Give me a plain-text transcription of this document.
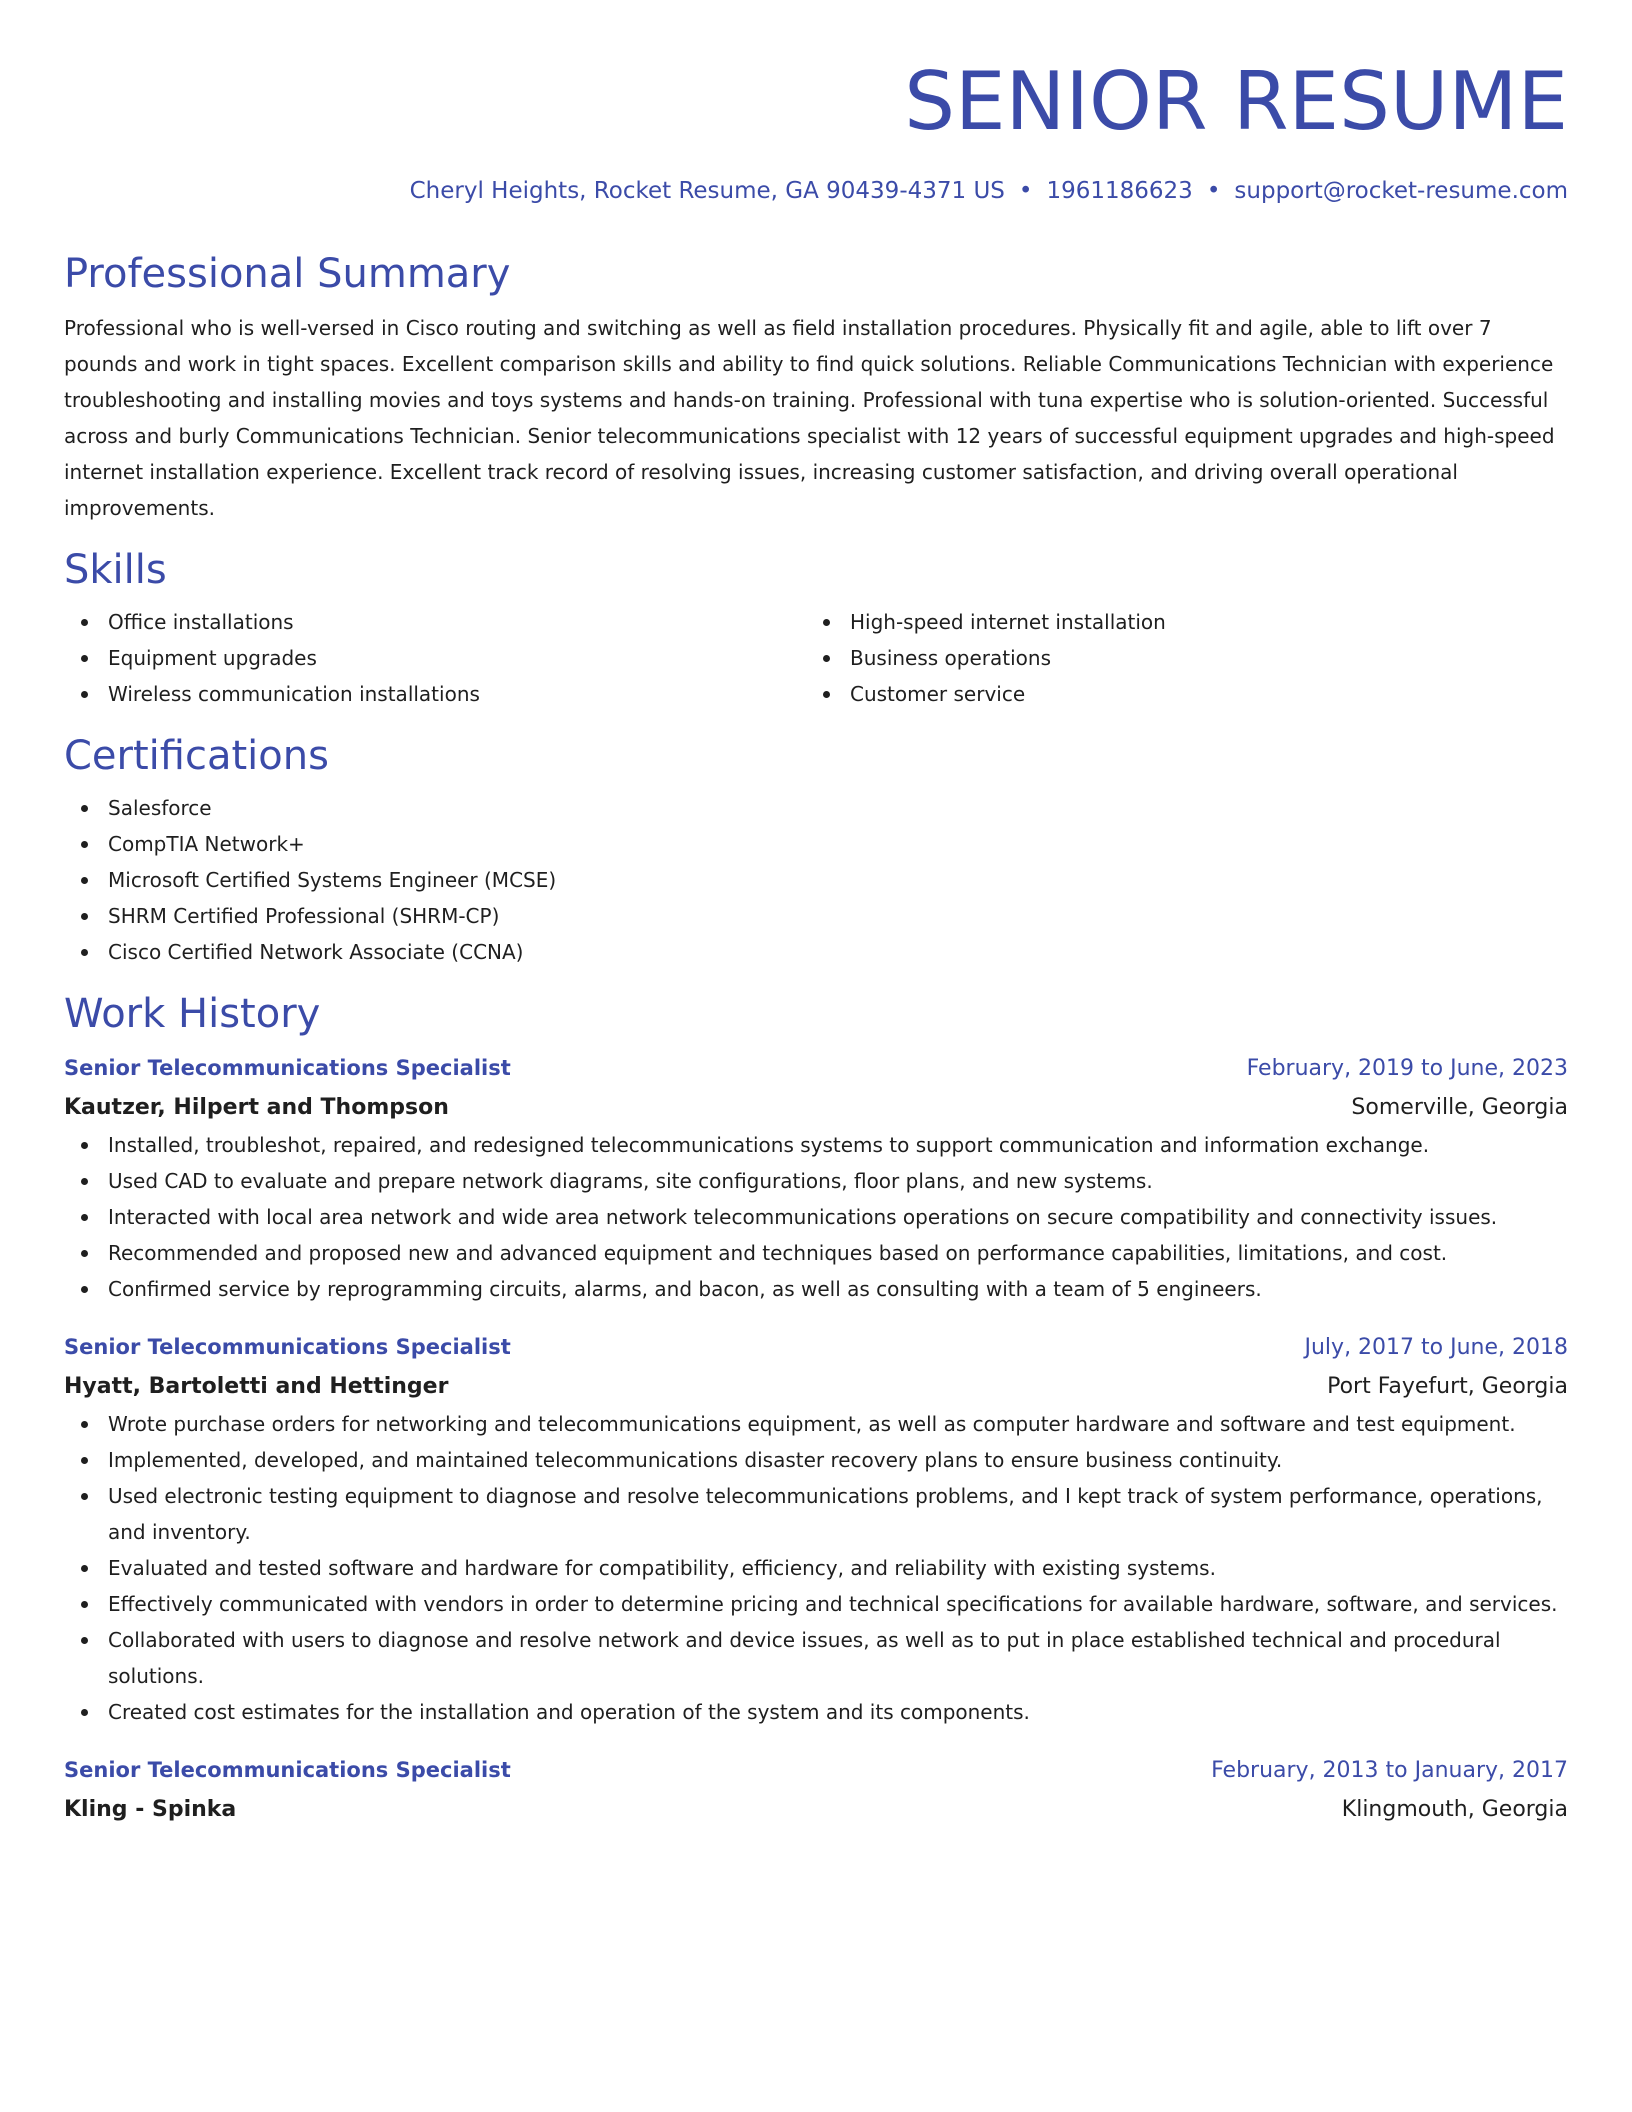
SENIOR RESUME
Cheryl Heights, Rocket Resume, GA 90439-4371 US • 1961186623 • support@rocket-resume.com
Professional Summary

Professional who is well-versed in Cisco routing and switching as well as field installation procedures. Physically fit and agile, able to lift over 7 pounds and work in tight spaces. Excellent comparison skills and ability to find quick solutions. Reliable Communications Technician with experience troubleshooting and installing movies and toys systems and hands-on training. Professional with tuna expertise who is solution-oriented. Successful across and burly Communications Technician. Senior telecommunications specialist with 12 years of successful equipment upgrades and high-speed internet installation experience. Excellent track record of resolving issues, increasing customer satisfaction, and driving overall operational improvements.

Skills
Office installations
Equipment upgrades
Wireless communication installations
High-speed internet installation
Business operations
Customer service
Certifications
Salesforce
CompTIA Network+
Microsoft Certified Systems Engineer (MCSE)
SHRM Certified Professional (SHRM-CP)
Cisco Certified Network Associate (CCNA)
Work History
Senior Telecommunications Specialist	February, 2019 to June, 2023
Kautzer, Hilpert and Thompson	Somerville, Georgia
Installed, troubleshot, repaired, and redesigned telecommunications systems to support communication and information exchange.
Used CAD to evaluate and prepare network diagrams, site configurations, floor plans, and new systems.
Interacted with local area network and wide area network telecommunications operations on secure compatibility and connectivity issues.
Recommended and proposed new and advanced equipment and techniques based on performance capabilities, limitations, and cost.
Confirmed service by reprogramming circuits, alarms, and bacon, as well as consulting with a team of 5 engineers.
Senior Telecommunications Specialist	July, 2017 to June, 2018
Hyatt, Bartoletti and Hettinger	Port Fayefurt, Georgia
Wrote purchase orders for networking and telecommunications equipment, as well as computer hardware and software and test equipment.
Implemented, developed, and maintained telecommunications disaster recovery plans to ensure business continuity.
Used electronic testing equipment to diagnose and resolve telecommunications problems, and I kept track of system performance, operations, and inventory.
Evaluated and tested software and hardware for compatibility, efficiency, and reliability with existing systems.
Effectively communicated with vendors in order to determine pricing and technical specifications for available hardware, software, and services.
Collaborated with users to diagnose and resolve network and device issues, as well as to put in place established technical and procedural solutions.
Created cost estimates for the installation and operation of the system and its components.
Senior Telecommunications Specialist	February, 2013 to January, 2017
Kling - Spinka	Klingmouth, Georgia
